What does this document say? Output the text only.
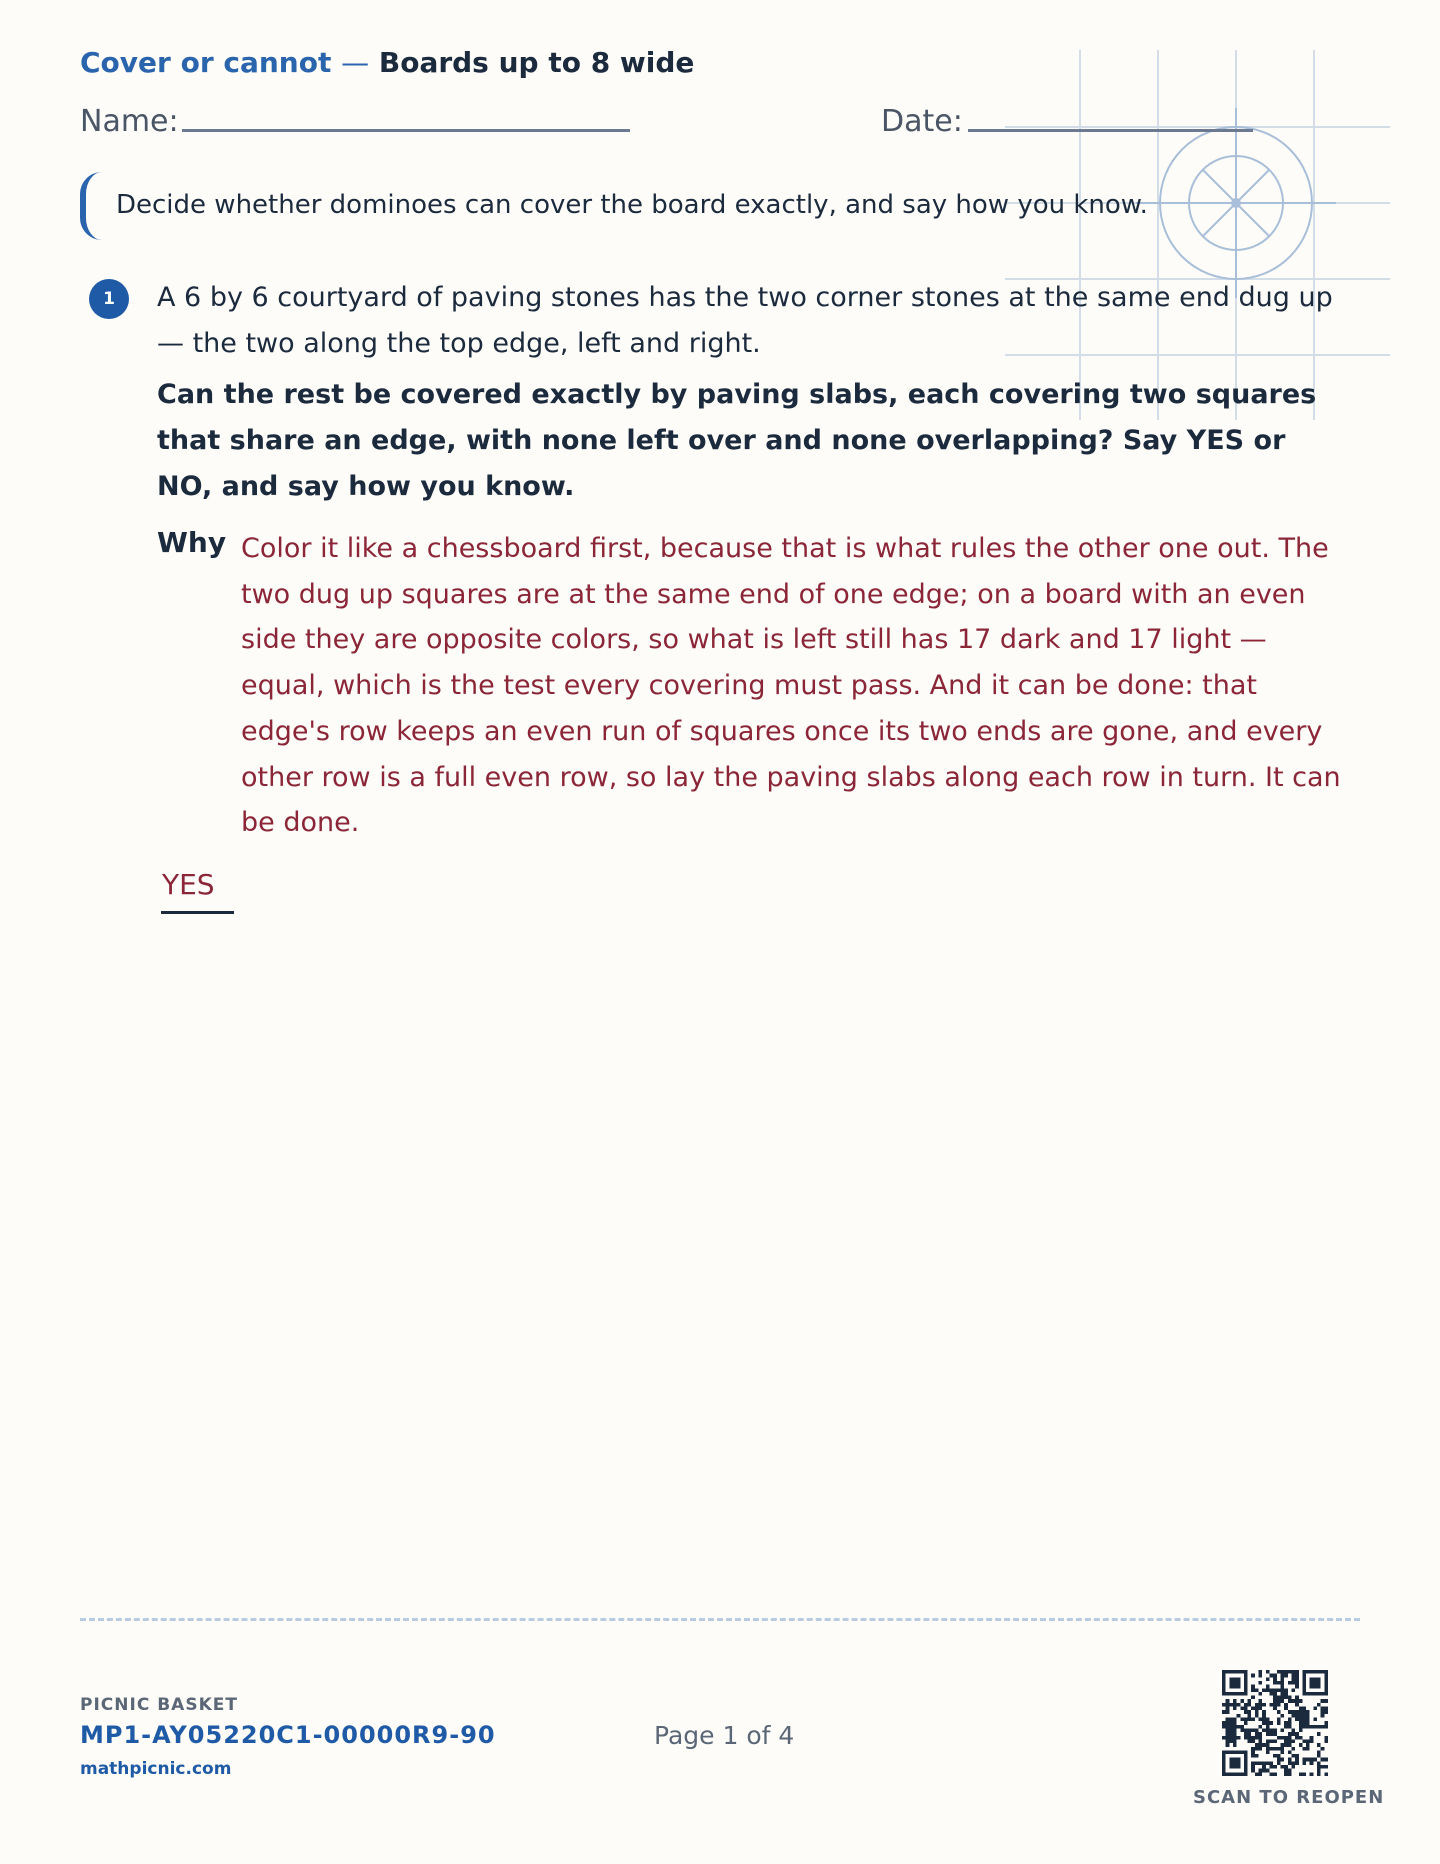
Cover or cannot — Boards up to 8 wide
Name:	Date:
Decide whether dominoes can cover the board exactly, and say how you know.
1	A 6 by 6 courtyard of paving stones has the two corner stones at the same end dug up — the two along the top edge, left and right.
Can the rest be covered exactly by paving slabs, each covering two squares that share an edge, with none left over and none overlapping? Say YES or NO, and say how you know.
Why Color it like a chessboard first, because that is what rules the other one out. The two dug up squares are at the same end of one edge; on a board with an even side they are opposite colors, so what is left still has 17 dark and 17 light — equal, which is the test every covering must pass. And it can be done: that edge's row keeps an even run of squares once its two ends are gone, and every other row is a full even row, so lay the paving slabs along each row in turn. It can be done.
YES
PICNIC BASKET
MP1-AY05220C1-00000R9-90
mathpicnic.com
Page 1 of 4
SCAN TO REOPEN
